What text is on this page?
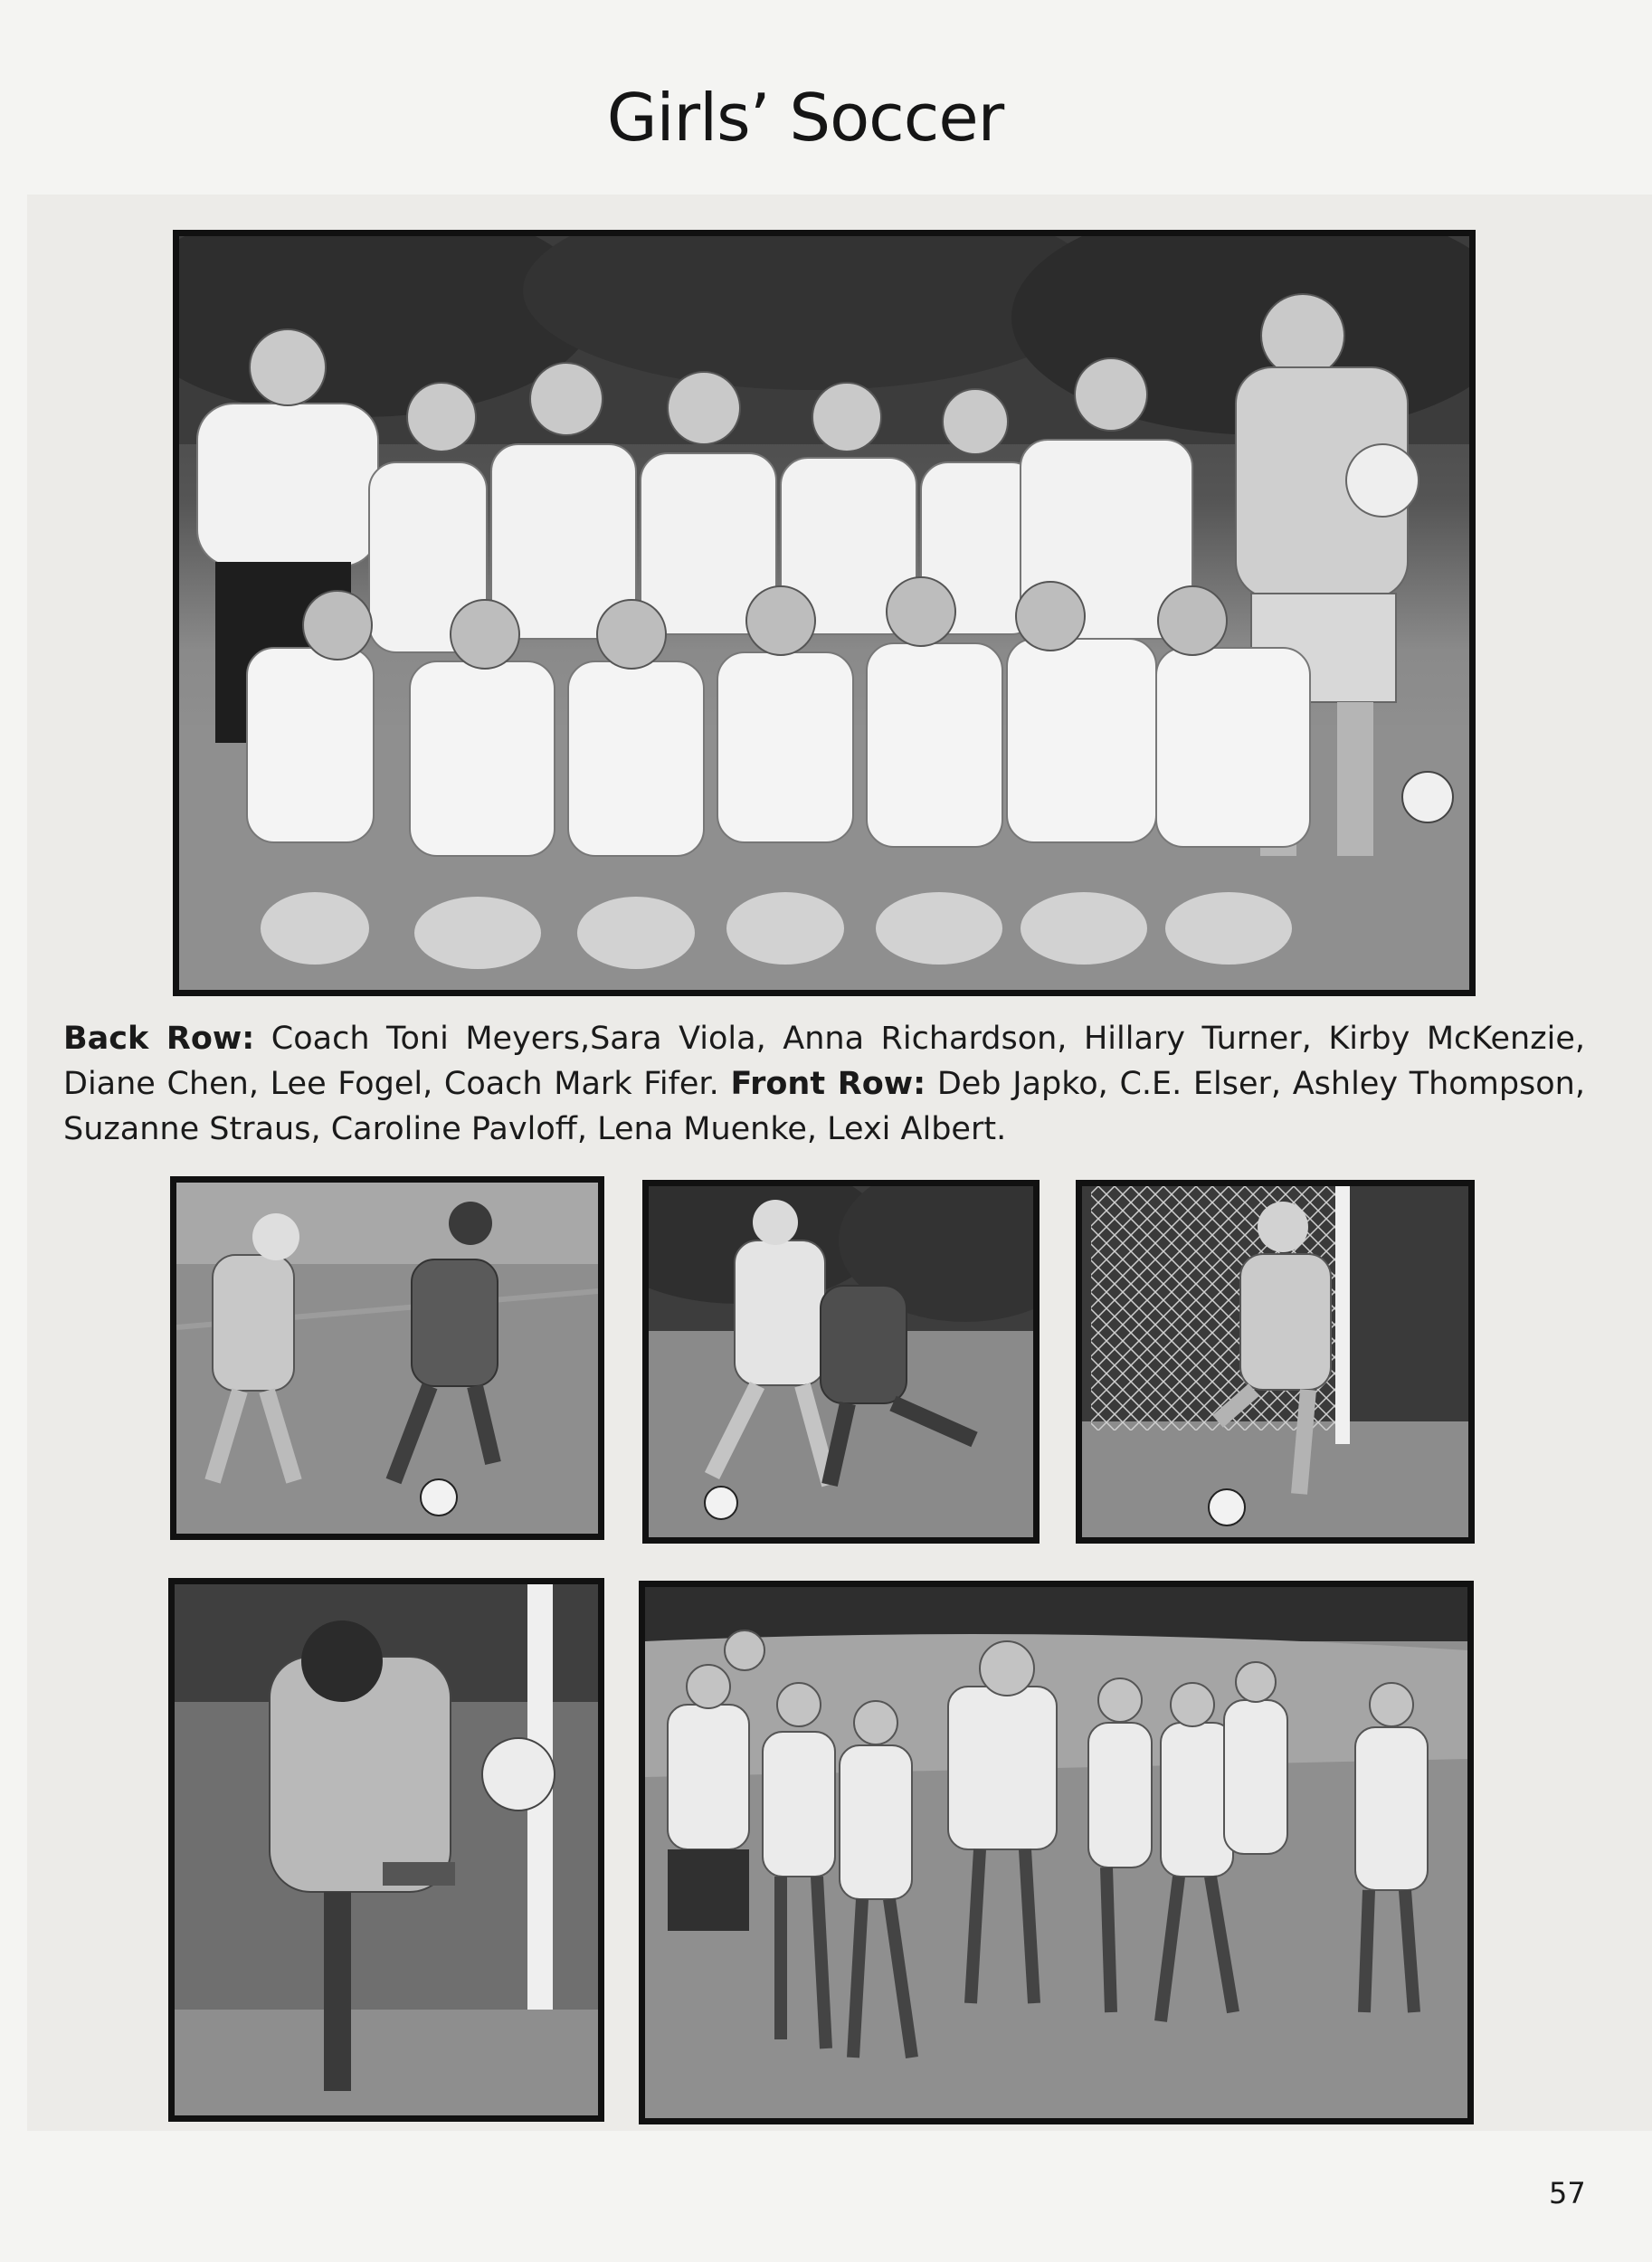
Girls’ Soccer
Back Row: Coach Toni Meyers,Sara Viola, Anna Richardson, Hillary Turner, Kirby McKenzie, Diane Chen, Lee Fogel, Coach Mark Fifer. Front Row: Deb Japko, C.E. Elser, Ashley Thompson, Suzanne Straus, Caroline Pavloff, Lena Muenke, Lexi Albert.
57
